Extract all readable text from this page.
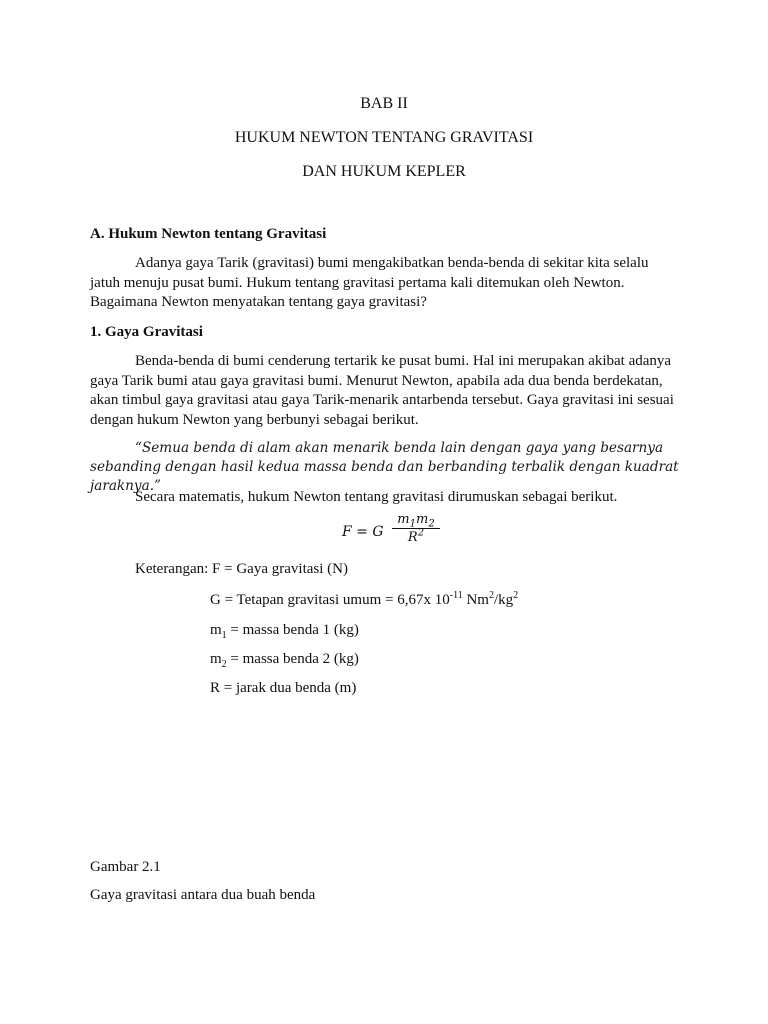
BAB II
HUKUM NEWTON TENTANG GRAVITASI
DAN HUKUM KEPLER
A. Hukum Newton tentang Gravitasi

Adanya gaya Tarik (gravitasi) bumi mengakibatkan benda-benda di sekitar kita selalu jatuh menuju pusat bumi. Hukum tentang gravitasi pertama kali ditemukan oleh Newton. Bagaimana Newton menyatakan tentang gaya gravitasi?

1. Gaya Gravitasi

Benda-benda di bumi cenderung tertarik ke pusat bumi. Hal ini merupakan akibat adanya gaya Tarik bumi atau gaya gravitasi bumi. Menurut Newton, apabila ada dua benda berdekatan, akan timbul gaya gravitasi atau gaya Tarik-menarik antarbenda tersebut. Gaya gravitasi ini sesuai dengan hukum Newton yang berbunyi sebagai berikut.

“Semua benda di alam akan menarik benda lain dengan gaya yang besarnya sebanding dengan hasil kedua massa benda dan berbanding terbalik dengan kuadrat jaraknya.”

Secara matematis, hukum Newton tentang gravitasi dirumuskan sebagai berikut.
F = G $\frac{m_1m_2}{R^2}$
Keterangan: F = Gaya gravitasi (N)
G = Tetapan gravitasi umum = 6,67x $10^{-11}$ $Nm^2/kg^2$
$m_1$ = massa benda 1 (kg)
$m_2$ = massa benda 2 (kg)
R = jarak dua benda (m)
Gambar 2.1
Gaya gravitasi antara dua buah benda
